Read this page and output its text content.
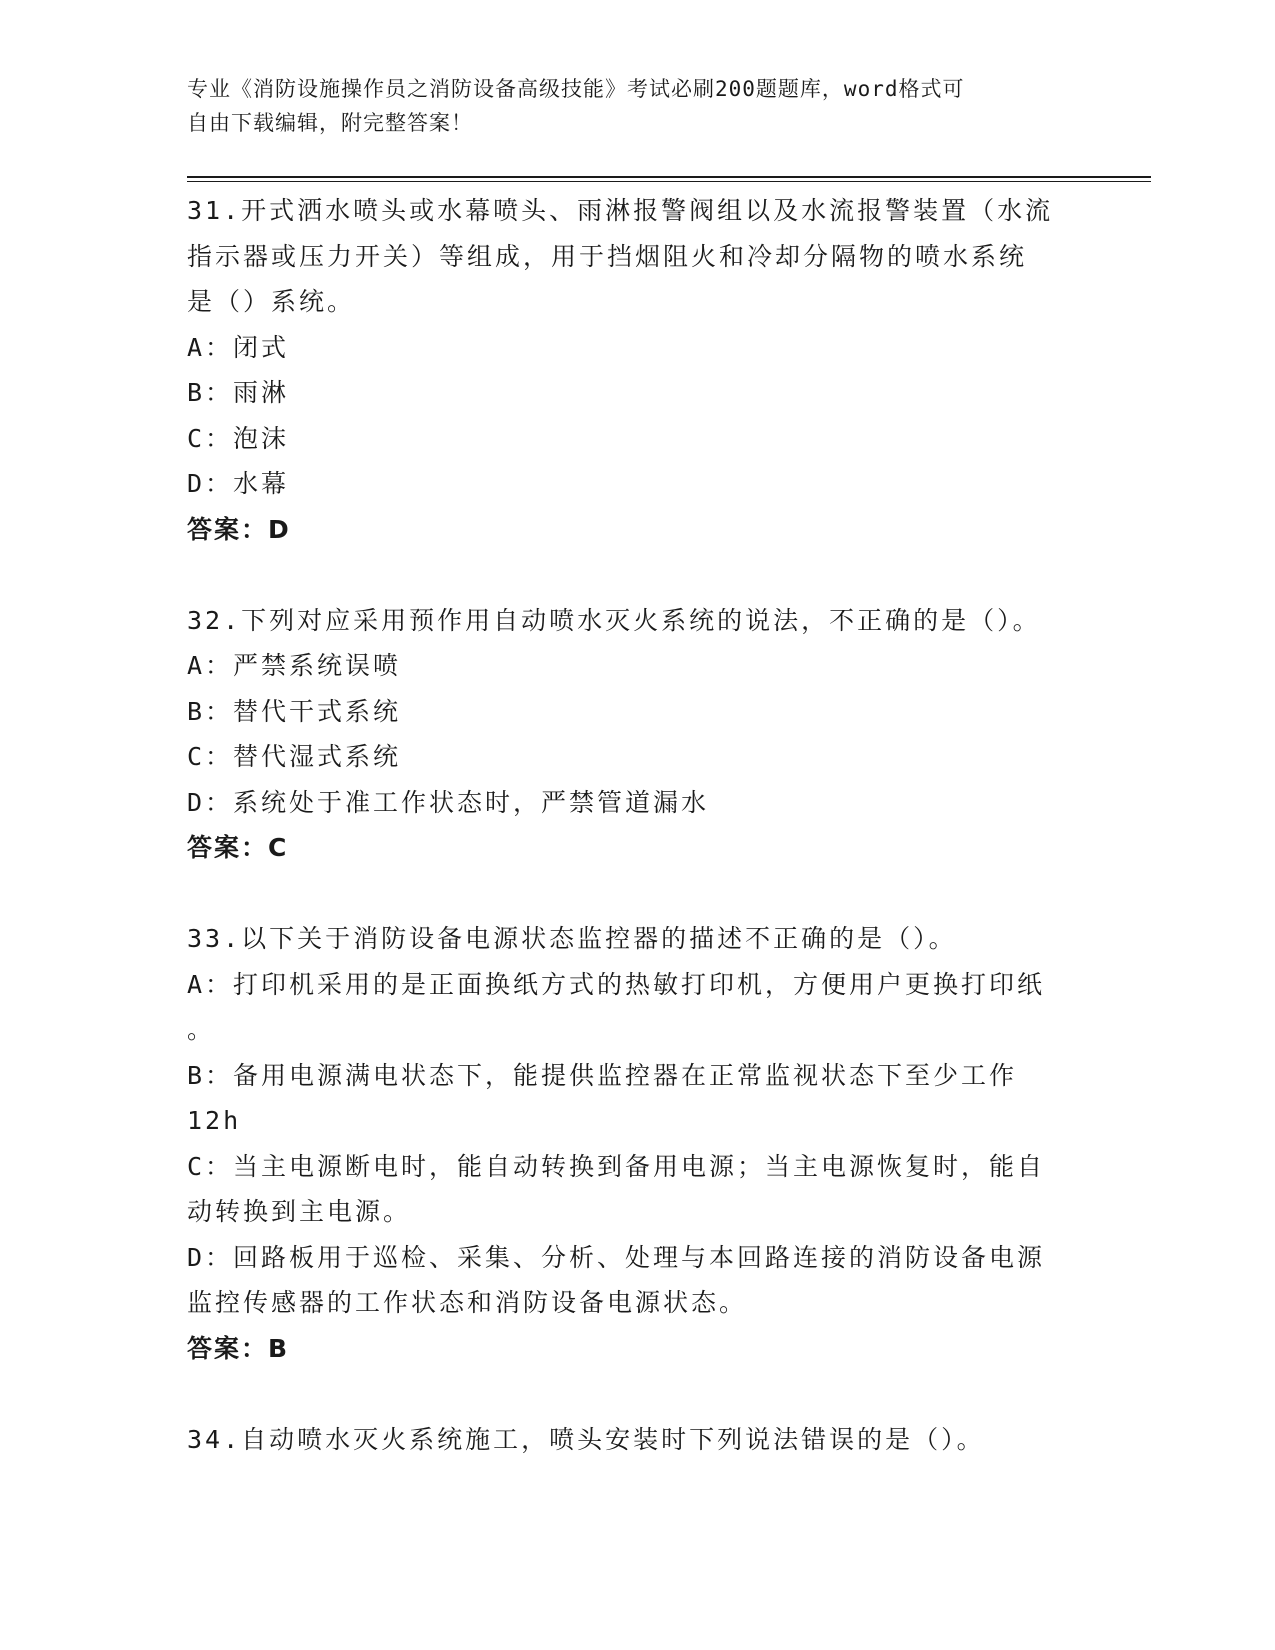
专业《消防设施操作员之消防设备高级技能》考试必刷200题题库，word格式可
自由下载编辑，附完整答案！
31.开式洒水喷头或水幕喷头、雨淋报警阀组以及水流报警装置（水流
指示器或压力开关）等组成，用于挡烟阻火和冷却分隔物的喷水系统
是（）系统。
A：闭式
B：雨淋
C：泡沫
D：水幕
答案：D
32.下列对应采用预作用自动喷水灭火系统的说法，不正确的是（）。
A：严禁系统误喷
B：替代干式系统
C：替代湿式系统
D：系统处于准工作状态时，严禁管道漏水
答案：C
33.以下关于消防设备电源状态监控器的描述不正确的是（）。
A：打印机采用的是正面换纸方式的热敏打印机，方便用户更换打印纸
。
B：备用电源满电状态下，能提供监控器在正常监视状态下至少工作
12h
C：当主电源断电时，能自动转换到备用电源；当主电源恢复时，能自
动转换到主电源。
D：回路板用于巡检、采集、分析、处理与本回路连接的消防设备电源
监控传感器的工作状态和消防设备电源状态。
答案：B
34.自动喷水灭火系统施工，喷头安装时下列说法错误的是（）。
